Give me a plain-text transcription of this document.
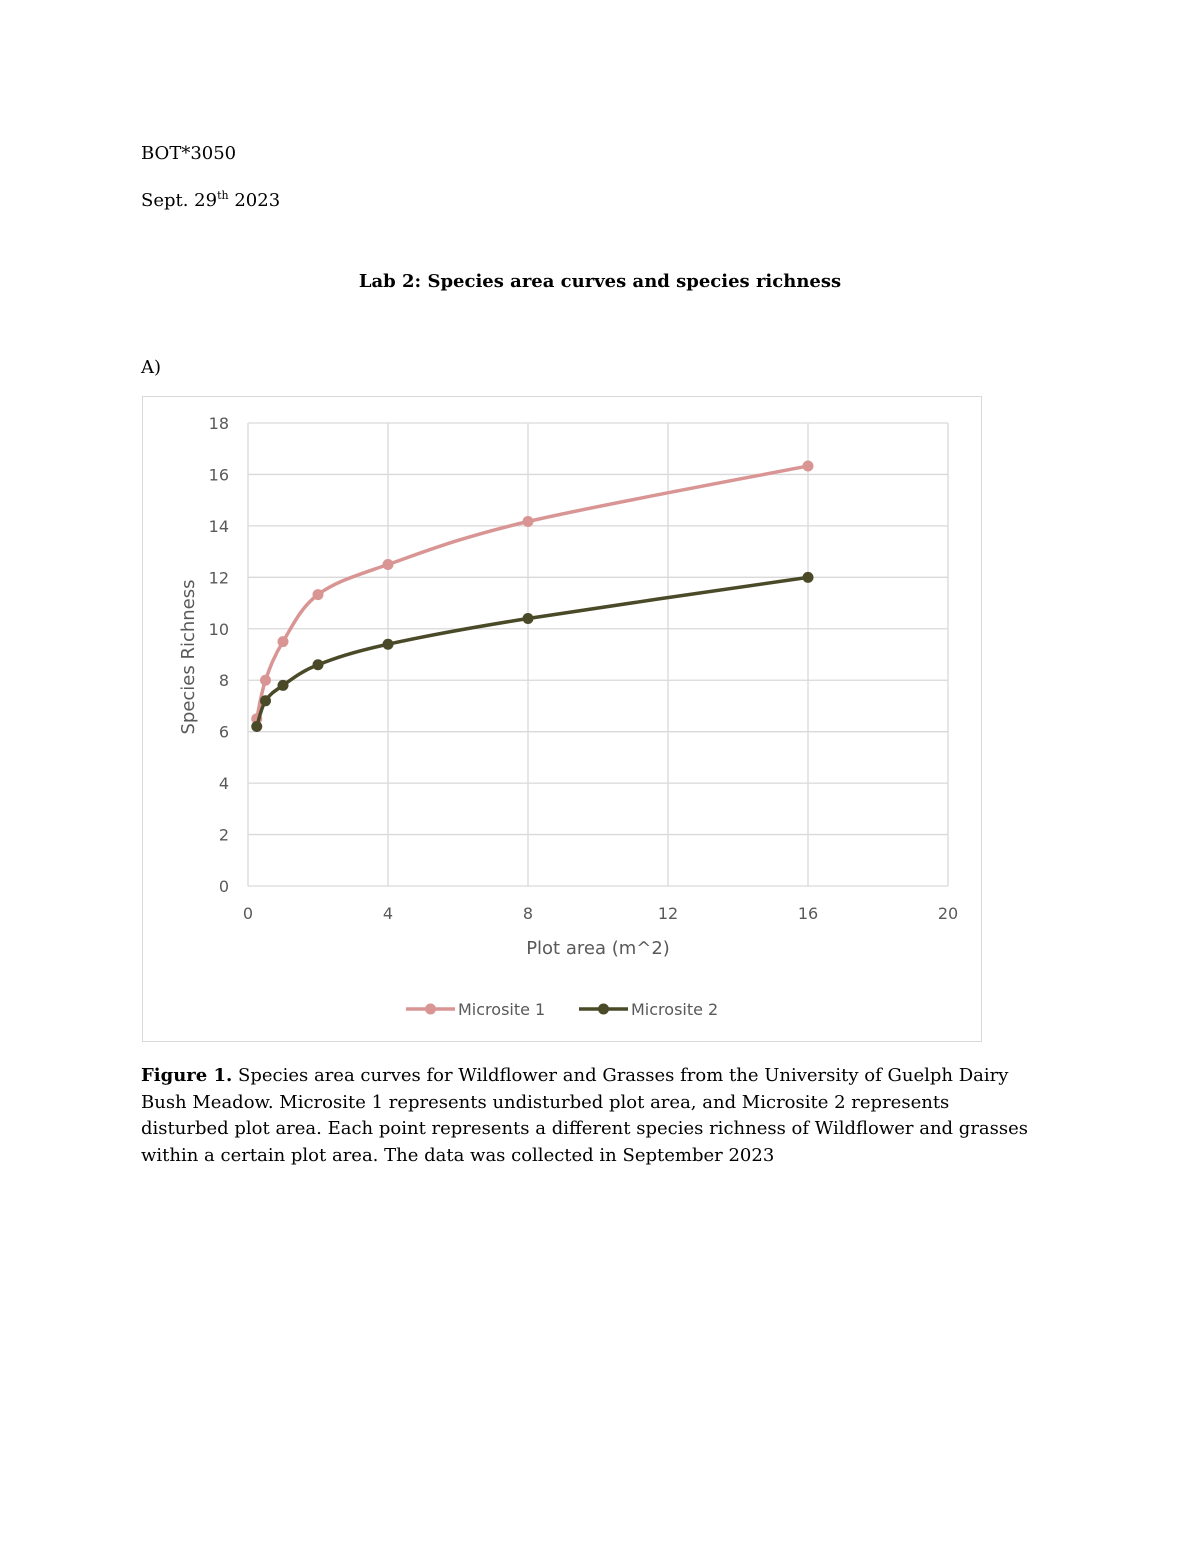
BOT*3050
Sept. 29th 2023
Lab 2: Species area curves and species richness
A)
0
2
4
6
8
10
12
14
16
18
0	4	8	12	16	20
Species Richness
Plot area (m^2)
Microsite 1	Microsite 2
Figure 1. Species area curves for Wildflower and Grasses from the University of Guelph Dairy Bush Meadow. Microsite 1 represents undisturbed plot area, and Microsite 2 represents disturbed plot area. Each point represents a different species richness of Wildflower and grasses within a certain plot area. The data was collected in September 2023
